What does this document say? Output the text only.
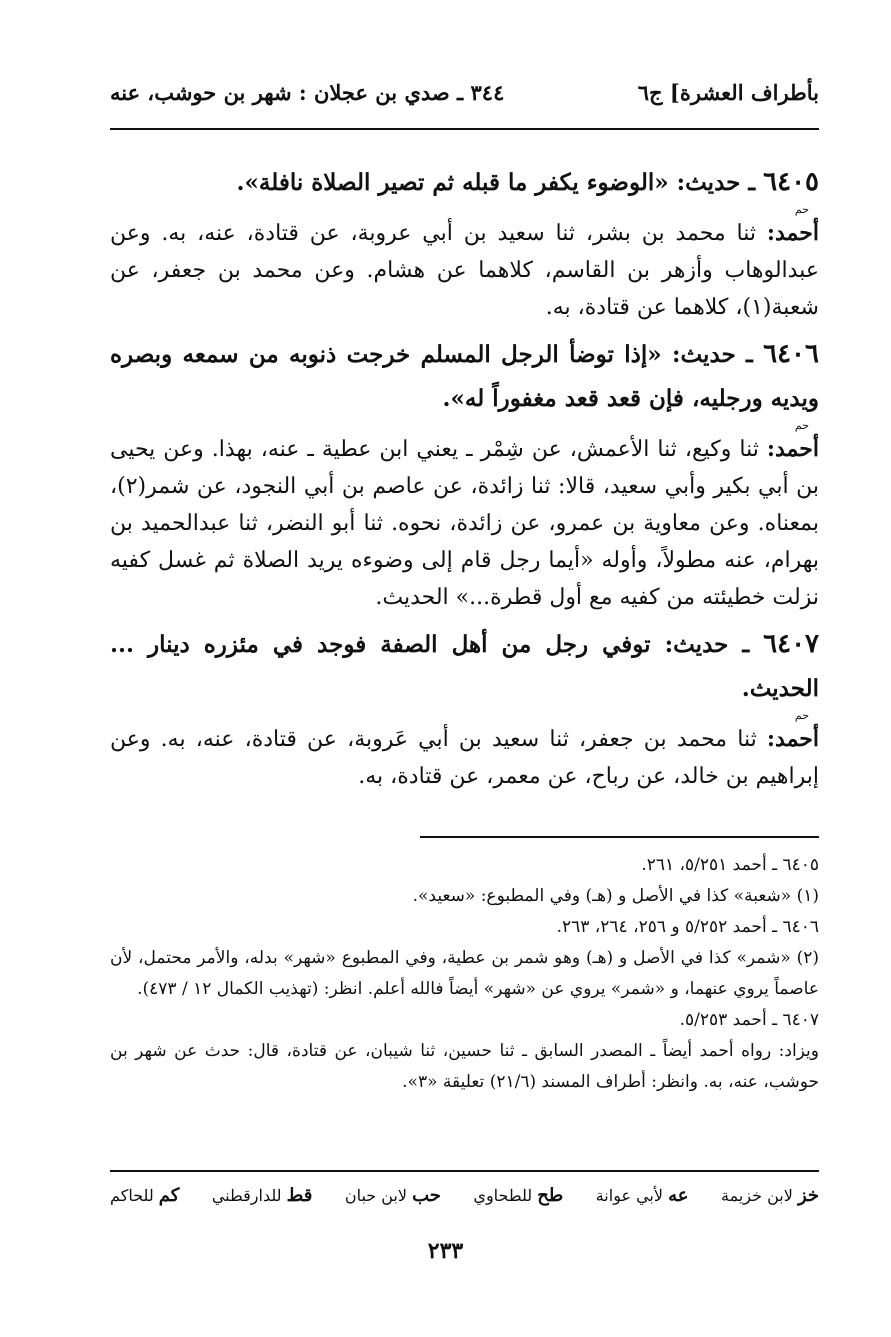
بأطراف العشرة] ج٦
٣٤٤ ـ صدي بن عجلان : شهر بن حوشب، عنه

٦٤٠٥ ـ حديث: «الوضوء يكفر ما قبله ثم تصير الصلاة نافلة».

حم

أحمد: ثنا محمد بن بشر، ثنا سعيد بن أبي عروبة، عن قتادة، عنه، به. وعن عبدالوهاب وأزهر بن القاسم، كلاهما عن هشام. وعن محمد بن جعفر، عن شعبة(١)، كلاهما عن قتادة، به.

٦٤٠٦ ـ حديث: «إذا توضأ الرجل المسلم خرجت ذنوبه من سمعه وبصره ويديه ورجليه، فإن قعد قعد مغفوراً له».

حم

أحمد: ثنا وكيع، ثنا الأعمش، عن شِمْر ـ يعني ابن عطية ـ عنه، بهذا. وعن يحيى بن أبي بكير وأبي سعيد، قالا: ثنا زائدة، عن عاصم بن أبي النجود، عن شمر(٢)، بمعناه. وعن معاوية بن عمرو، عن زائدة، نحوه. ثنا أبو النضر، ثنا عبدالحميد بن بهرام، عنه مطولاً، وأوله «أيما رجل قام إلى وضوءه يريد الصلاة ثم غسل كفيه نزلت خطيئته من كفيه مع أول قطرة...» الحديث.

٦٤٠٧ ـ حديث: توفي رجل من أهل الصفة فوجد في مئزره دينار ... الحديث.

حم

أحمد: ثنا محمد بن جعفر، ثنا سعيد بن أبي عَروبة، عن قتادة، عنه، به. وعن إبراهيم بن خالد، عن رباح، عن معمر، عن قتادة، به.

٦٤٠٥ ـ أحمد ٥/٢٥١، ٢٦١.

(١) «شعبة» كذا في الأصل و (هـ) وفي المطبوع: «سعيد».

٦٤٠٦ ـ أحمد ٥/٢٥٢ و ٢٥٦، ٢٦٤، ٢٦٣.

(٢) «شمر» كذا في الأصل و (هـ) وهو شمر بن عطية، وفي المطبوع «شهر» بدله، والأمر محتمل، لأن عاصماً يروي عنهما، و «شمر» يروي عن «شهر» أيضاً فالله أعلم. انظر: (تهذيب الكمال ١٢ / ٤٧٣).

٦٤٠٧ ـ أحمد ٥/٢٥٣.

ويزاد: رواه أحمد أيضاً ـ المصدر السابق ـ ثنا حسين، ثنا شيبان، عن قتادة، قال: حدث عن شهر بن حوشب، عنه، به. وانظر: أطراف المسند (٢١/٦) تعليقة «٣».

خز لابن خزيمة
عه لأبي عوانة
طح للطحاوي
حب لابن حبان
قط للدارقطني
كم للحاكم
٢٣٣
